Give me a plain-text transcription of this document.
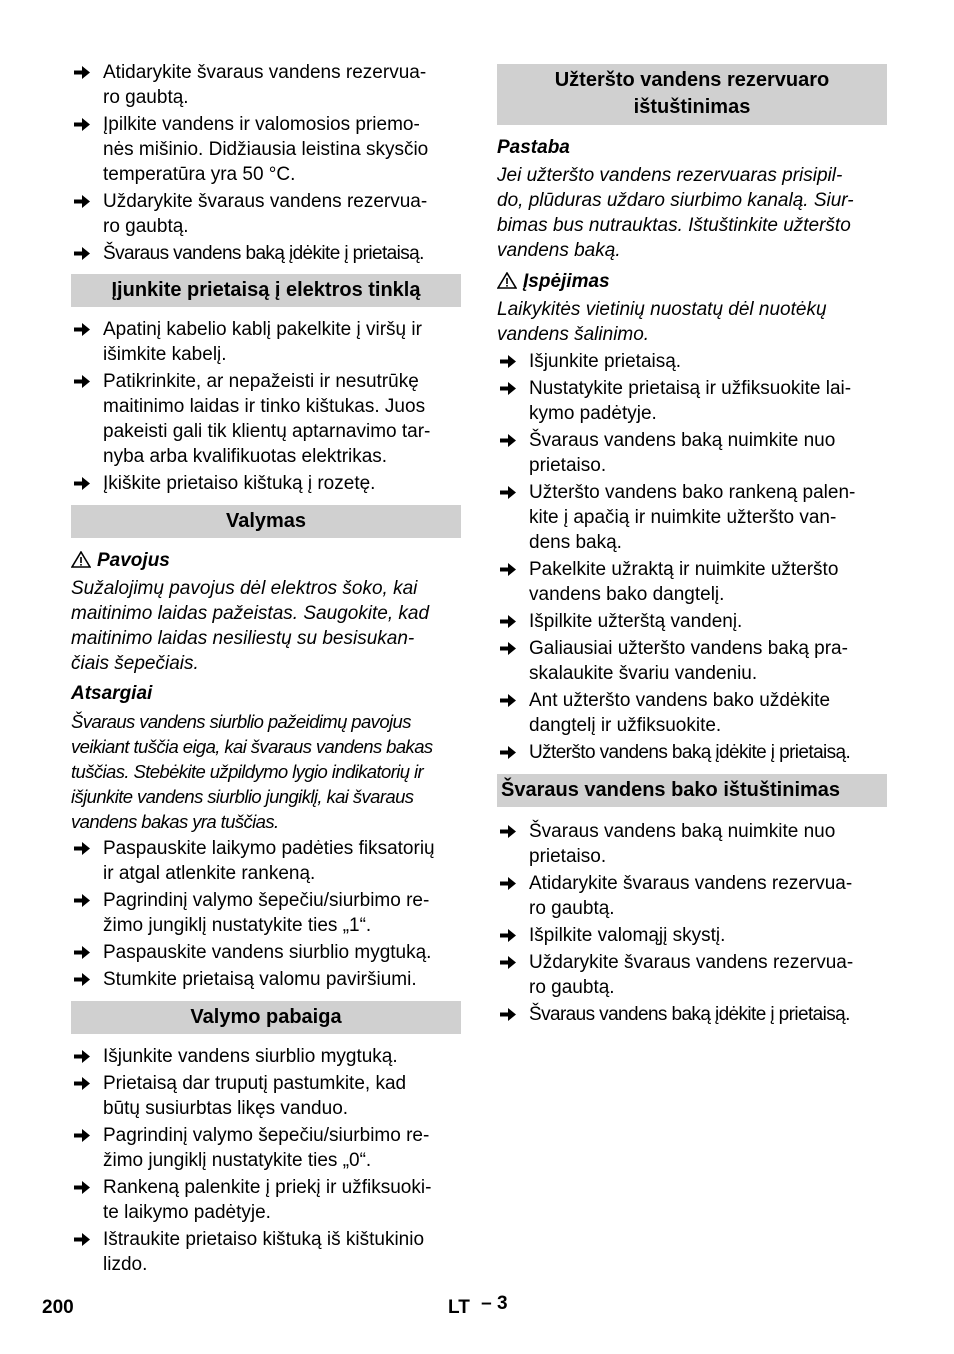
Atidarykite švaraus vandens rezervua-
ro gaubtą.
Įpilkite vandens ir valomosios priemo-
nės mišinio. Didžiausia leistina skysčio
temperatūra yra 50 °C.
Uždarykite švaraus vandens rezervua-
ro gaubtą.
Švaraus vandens baką įdėkite į prietaisą.
Įjunkite prietaisą į elektros tinklą
Apatinį kabelio kablį pakelkite į viršų ir
išimkite kabelį.
Patikrinkite, ar nepažeisti ir nesutrūkę
maitinimo laidas ir tinko kištukas. Juos
pakeisti gali tik klientų aptarnavimo tar-
nyba arba kvalifikuotas elektrikas.
Įkiškite prietaiso kištuką į rozetę.
Valymas
Pavojus
Sužalojimų pavojus dėl elektros šoko, kai
maitinimo laidas pažeistas. Saugokite, kad
maitinimo laidas nesiliestų su besisukan-
čiais šepečiais.
Atsargiai
Švaraus vandens siurblio pažeidimų pavojus
veikiant tuščia eiga, kai švaraus vandens bakas
tuščias. Stebėkite užpildymo lygio indikatorių ir
išjunkite vandens siurblio jungiklį, kai švaraus
vandens bakas yra tuščias.
Paspauskite laikymo padėties fiksatorių
ir atgal atlenkite rankeną.
Pagrindinį valymo šepečiu/siurbimo re-
žimo jungiklį nustatykite ties „1“.
Paspauskite vandens siurblio mygtuką.
Stumkite prietaisą valomu paviršiumi.
Valymo pabaiga
Išjunkite vandens siurblio mygtuką.
Prietaisą dar truputį pastumkite, kad
būtų susiurbtas likęs vanduo.
Pagrindinį valymo šepečiu/siurbimo re-
žimo jungiklį nustatykite ties „0“.
Rankeną palenkite į priekį ir užfiksuoki-
te laikymo padėtyje.
Ištraukite prietaiso kištuką iš kištukinio
lizdo.
Užteršto vandens rezervuaro
ištuštinimas
Pastaba
Jei užteršto vandens rezervuaras prisipil-
do, plūduras uždaro siurbimo kanalą. Siur-
bimas bus nutrauktas. Ištuštinkite užteršto
vandens baką.
Įspėjimas
Laikykitės vietinių nuostatų dėl nuotėkų
vandens šalinimo.
Išjunkite prietaisą.
Nustatykite prietaisą ir užfiksuokite lai-
kymo padėtyje.
Švaraus vandens baką nuimkite nuo
prietaiso.
Užteršto vandens bako rankeną palen-
kite į apačią ir nuimkite užteršto van-
dens baką.
Pakelkite užraktą ir nuimkite užteršto
vandens bako dangtelį.
Išpilkite užterštą vandenį.
Galiausiai užteršto vandens baką pra-
skalaukite švariu vandeniu.
Ant užteršto vandens bako uždėkite
dangtelį ir užfiksuokite.
Užteršto vandens baką įdėkite į prietaisą.
Švaraus vandens bako ištuštinimas
Švaraus vandens baką nuimkite nuo
prietaiso.
Atidarykite švaraus vandens rezervua-
ro gaubtą.
Išpilkite valomąjį skystį.
Uždarykite švaraus vandens rezervua-
ro gaubtą.
Švaraus vandens baką įdėkite į prietaisą.
200	LT – 3
